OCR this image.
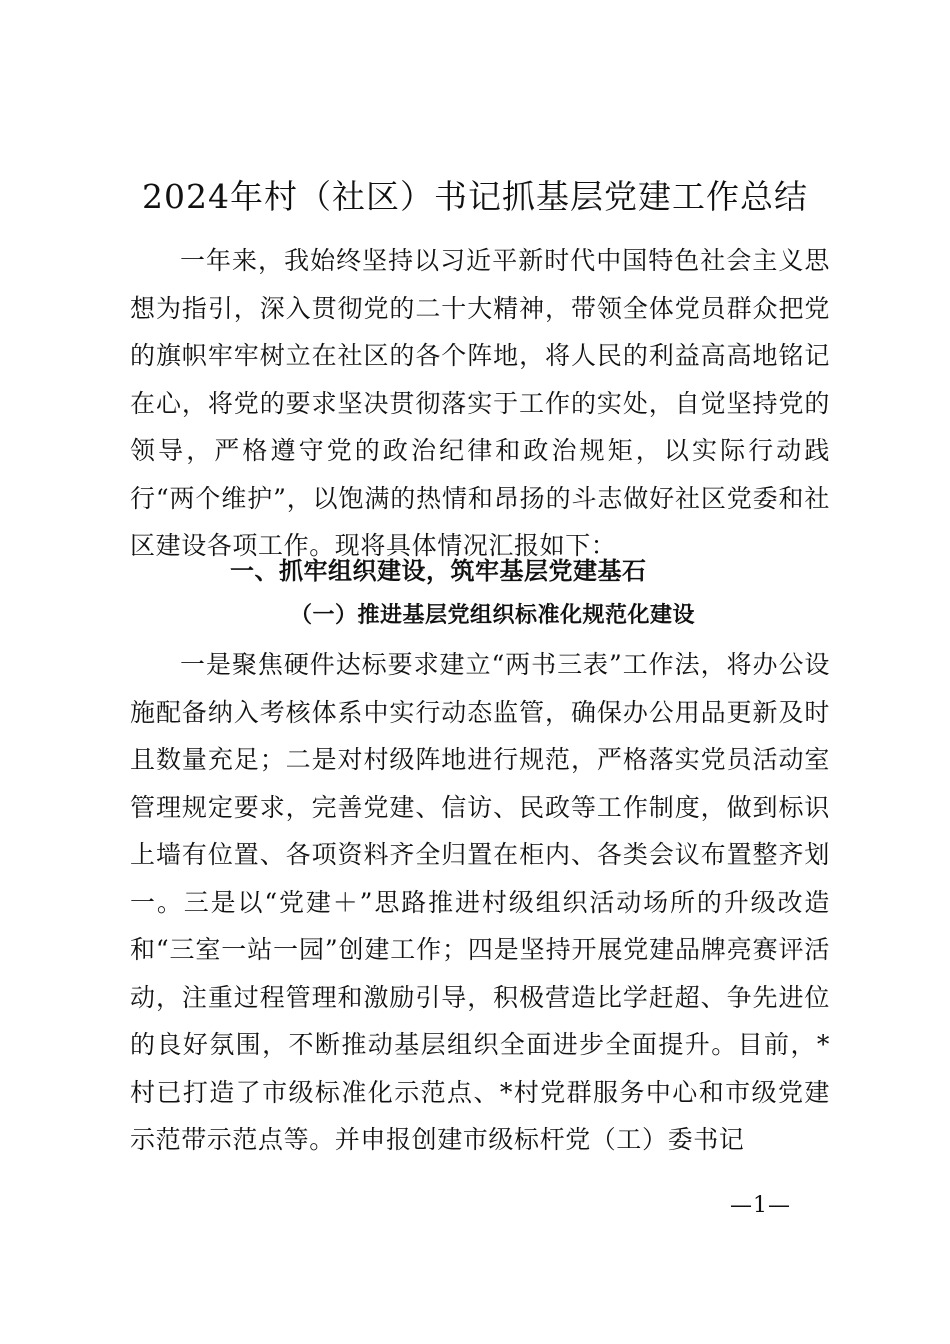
2024年村（社区）书记抓基层党建工作总结

一年来，我始终坚持以习近平新时代中国特色社会主义思想为指引，深入贯彻党的二十大精神，带领全体党员群众把党的旗帜牢牢树立在社区的各个阵地，将人民的利益高高地铭记在心，将党的要求坚决贯彻落实于工作的实处，自觉坚持党的领导，严格遵守党的政治纪律和政治规矩，以实际行动践行“两个维护”，以饱满的热情和昂扬的斗志做好社区党委和社区建设各项工作。现将具体情况汇报如下：

一、抓牢组织建设，筑牢基层党建基石

（一）推进基层党组织标准化规范化建设

一是聚焦硬件达标要求建立“两书三表”工作法，将办公设施配备纳入考核体系中实行动态监管，确保办公用品更新及时且数量充足；二是对村级阵地进行规范，严格落实党员活动室管理规定要求，完善党建、信访、民政等工作制度，做到标识上墙有位置、各项资料齐全归置在柜内、各类会议布置整齐划一。三是以“党建＋”思路推进村级组织活动场所的升级改造和“三室一站一园”创建工作；四是坚持开展党建品牌亮赛评活动，注重过程管理和激励引导，积极营造比学赶超、争先进位的良好氛围，不断推动基层组织全面进步全面提升。目前，*村已打造了市级标准化示范点、*村党群服务中心和市级党建示范带示范点等。并申报创建市级标杆党（工）委书记

—1—
